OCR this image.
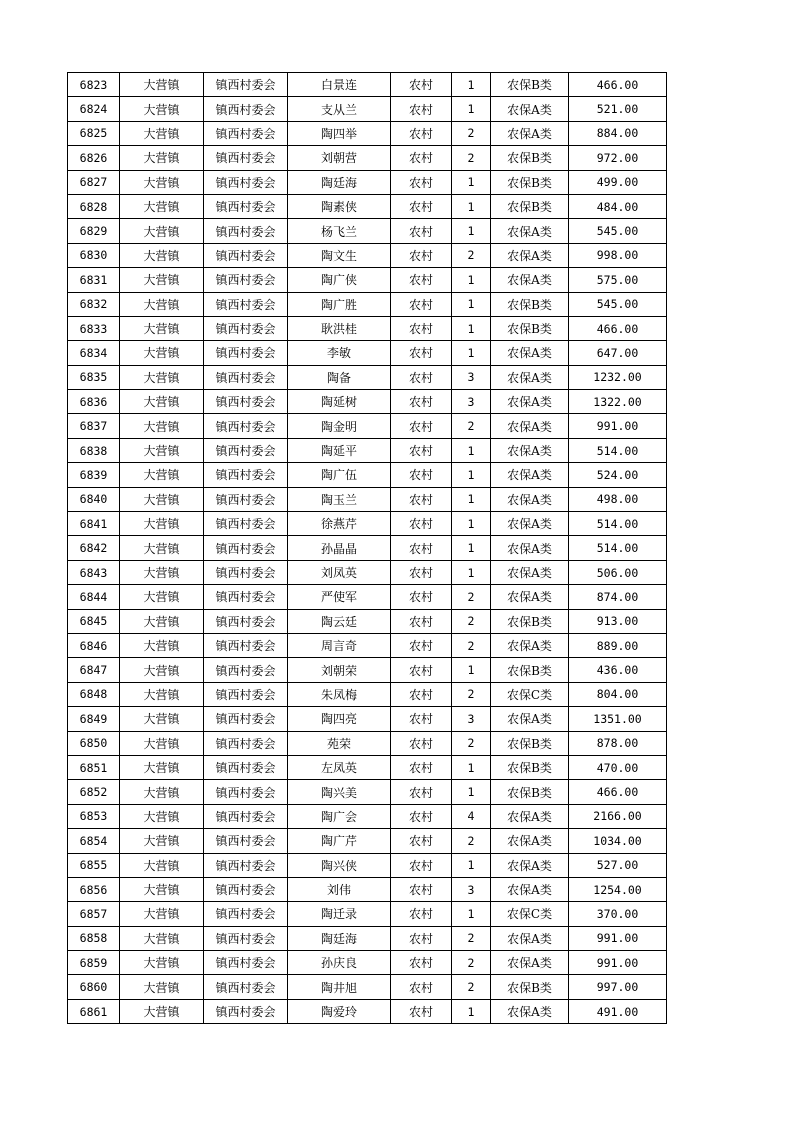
6823	大营镇	镇西村委会	白景连	农村	1	农保B类	466.00
6824	大营镇	镇西村委会	支从兰	农村	1	农保A类	521.00
6825	大营镇	镇西村委会	陶四举	农村	2	农保A类	884.00
6826	大营镇	镇西村委会	刘朝营	农村	2	农保B类	972.00
6827	大营镇	镇西村委会	陶廷海	农村	1	农保B类	499.00
6828	大营镇	镇西村委会	陶素侠	农村	1	农保B类	484.00
6829	大营镇	镇西村委会	杨飞兰	农村	1	农保A类	545.00
6830	大营镇	镇西村委会	陶文生	农村	2	农保A类	998.00
6831	大营镇	镇西村委会	陶广侠	农村	1	农保A类	575.00
6832	大营镇	镇西村委会	陶广胜	农村	1	农保B类	545.00
6833	大营镇	镇西村委会	耿洪桂	农村	1	农保B类	466.00
6834	大营镇	镇西村委会	李敏	农村	1	农保A类	647.00
6835	大营镇	镇西村委会	陶备	农村	3	农保A类	1232.00
6836	大营镇	镇西村委会	陶延树	农村	3	农保A类	1322.00
6837	大营镇	镇西村委会	陶金明	农村	2	农保A类	991.00
6838	大营镇	镇西村委会	陶延平	农村	1	农保A类	514.00
6839	大营镇	镇西村委会	陶广伍	农村	1	农保A类	524.00
6840	大营镇	镇西村委会	陶玉兰	农村	1	农保A类	498.00
6841	大营镇	镇西村委会	徐燕芹	农村	1	农保A类	514.00
6842	大营镇	镇西村委会	孙晶晶	农村	1	农保A类	514.00
6843	大营镇	镇西村委会	刘凤英	农村	1	农保A类	506.00
6844	大营镇	镇西村委会	严使军	农村	2	农保A类	874.00
6845	大营镇	镇西村委会	陶云廷	农村	2	农保B类	913.00
6846	大营镇	镇西村委会	周言奇	农村	2	农保A类	889.00
6847	大营镇	镇西村委会	刘朝荣	农村	1	农保B类	436.00
6848	大营镇	镇西村委会	朱凤梅	农村	2	农保C类	804.00
6849	大营镇	镇西村委会	陶四亮	农村	3	农保A类	1351.00
6850	大营镇	镇西村委会	苑荣	农村	2	农保B类	878.00
6851	大营镇	镇西村委会	左凤英	农村	1	农保B类	470.00
6852	大营镇	镇西村委会	陶兴美	农村	1	农保B类	466.00
6853	大营镇	镇西村委会	陶广会	农村	4	农保A类	2166.00
6854	大营镇	镇西村委会	陶广芹	农村	2	农保A类	1034.00
6855	大营镇	镇西村委会	陶兴侠	农村	1	农保A类	527.00
6856	大营镇	镇西村委会	刘伟	农村	3	农保A类	1254.00
6857	大营镇	镇西村委会	陶迁录	农村	1	农保C类	370.00
6858	大营镇	镇西村委会	陶廷海	农村	2	农保A类	991.00
6859	大营镇	镇西村委会	孙庆良	农村	2	农保A类	991.00
6860	大营镇	镇西村委会	陶井旭	农村	2	农保B类	997.00
6861	大营镇	镇西村委会	陶爱玲	农村	1	农保A类	491.00
